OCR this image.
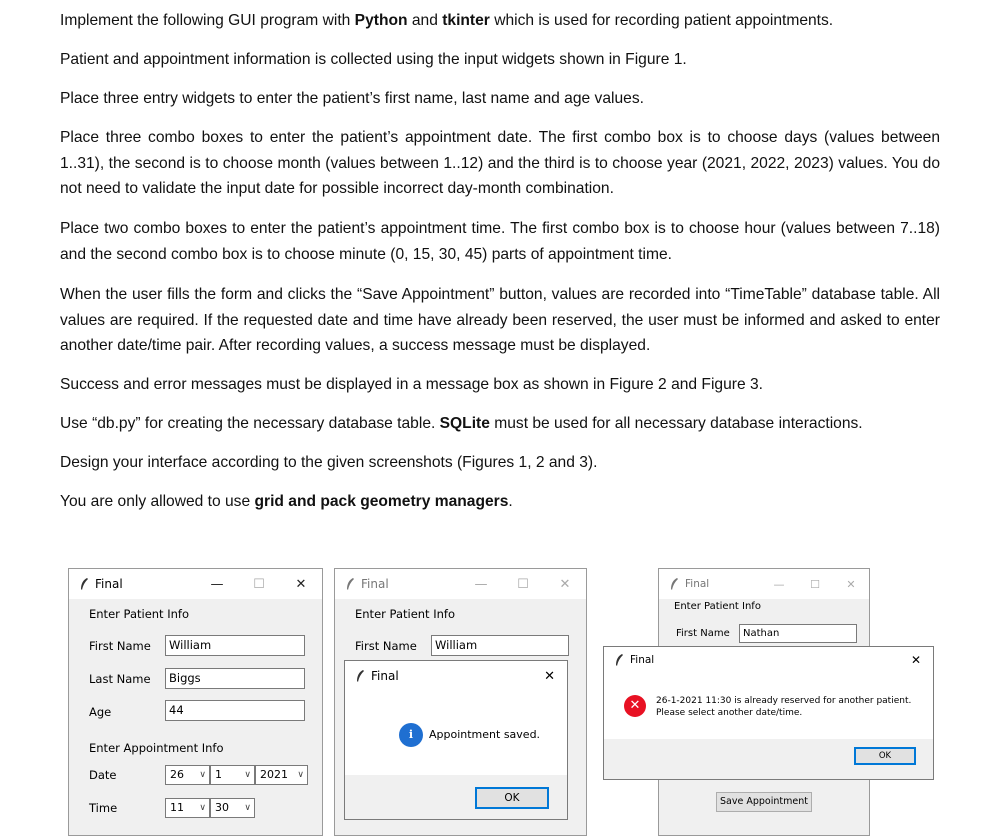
Implement the following GUI program with Python and tkinter which is used for recording patient appointments.

Patient and appointment information is collected using the input widgets shown in Figure 1.

Place three entry widgets to enter the patient’s first name, last name and age values.

Place three combo boxes to enter the patient’s appointment date. The first combo box is to choose days (values between 1..31), the second is to choose month (values between 1..12) and the third is to choose year (2021, 2022, 2023) values. You do not need to validate the input date for possible incorrect day-month combination.

Place two combo boxes to enter the patient’s appointment time. The first combo box is to choose hour (values between 7..18) and the second combo box is to choose minute (0, 15, 30, 45) parts of appointment time.

When the user fills the form and clicks the “Save Appointment” button, values are recorded into “TimeTable” database table. All values are required. If the requested date and time have already been reserved, the user must be informed and asked to enter another date/time pair. After recording values, a success message must be displayed.

Success and error messages must be displayed in a message box as shown in Figure 2 and Figure 3.

Use “db.py” for creating the necessary database table. SQLite must be used for all necessary database interactions.

Design your interface according to the given screenshots (Figures 1, 2 and 3).

You are only allowed to use grid and pack geometry managers.

Final	—	☐	✕
Enter Patient Info
First Name	William
Last Name	Biggs
Age	44
Enter Appointment Info
Date	26 ∨ 1 ∨ 2021 ∨
Time	11 ∨ 30 ∨
Final	—	☐	✕
Enter Patient Info
First Name	William
Final	✕
i	Appointment saved.
OK
Final	—	☐	✕
Enter Patient Info
First Name	Nathan
Save Appointment
Final	✕
✕	26-1-2021 11:30 is already reserved for another patient.
Please select another date/time.
OK
